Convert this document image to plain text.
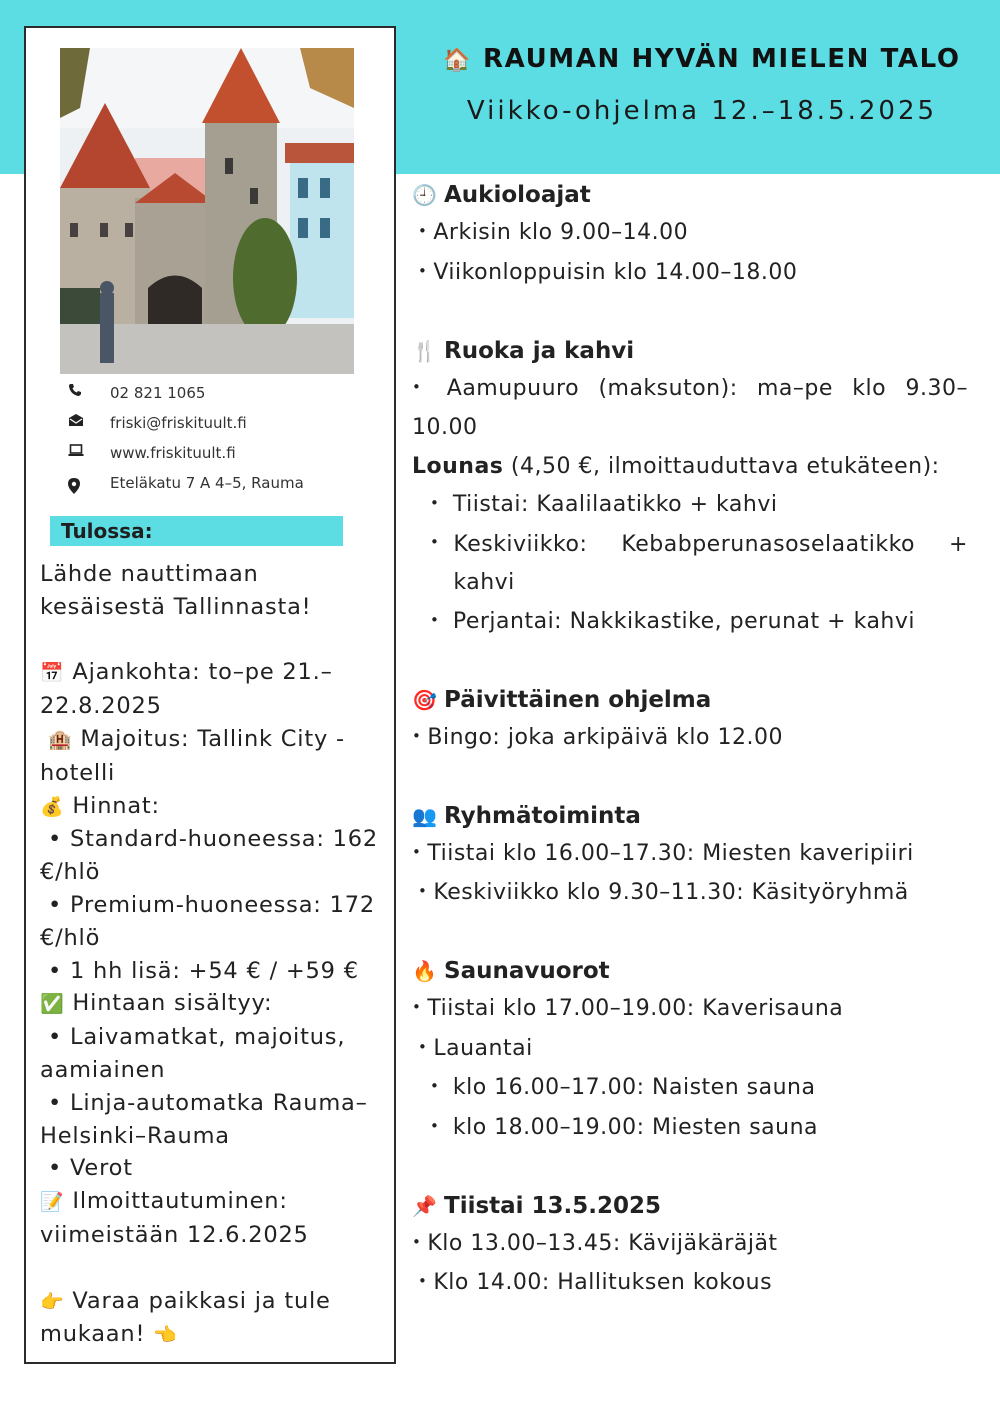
02 821 1065
friski@friskituult.fi
www.friskituult.fi
Eteläkatu 7 A 4–5, Rauma
Tulossa:

Lähde nauttimaan kesäisestä Tallinnasta!

📅 Ajankohta: to–pe 21.–22.8.2025

🏨 Majoitus: Tallink City -hotelli

💰 Hinnat:

• Standard-huoneessa: 162 €/hlö

• Premium-huoneessa: 172 €/hlö

• 1 hh lisä: +54 € / +59 €

✅ Hintaan sisältyy:

• Laivamatkat, majoitus, aamiainen

• Linja-automatka Rauma–Helsinki–Rauma

• Verot

📝 Ilmoittautuminen: viimeistään 12.6.2025

👉 Varaa paikkasi ja tule mukaan! 👈

🏠 RAUMAN HYVÄN MIELEN TALO
Viikko-ohjelma 12.–18.5.2025
🕘 Aukioloajat
• Arkisin klo 9.00–14.00
• Viikonloppuisin klo 14.00–18.00
🍴 Ruoka ja kahvi
• Aamupuuro (maksuton): ma–pe klo 9.30–10.00
Lounas (4,50 €, ilmoittauduttava etukäteen):
• Tiistai: Kaalilaatikko + kahvi
• Keskiviikko: Kebabperunasoselaatikko + kahvi
• Perjantai: Nakkikastike, perunat + kahvi
🎯 Päivittäinen ohjelma
• Bingo: joka arkipäivä klo 12.00
👥 Ryhmätoiminta
• Tiistai klo 16.00–17.30: Miesten kaveripiiri
• Keskiviikko klo 9.30–11.30: Käsityöryhmä
🔥 Saunavuorot
• Tiistai klo 17.00–19.00: Kaverisauna
• Lauantai
• klo 16.00–17.00: Naisten sauna
• klo 18.00–19.00: Miesten sauna
📌 Tiistai 13.5.2025
• Klo 13.00–13.45: Kävijäkäräjät
• Klo 14.00: Hallituksen kokous
